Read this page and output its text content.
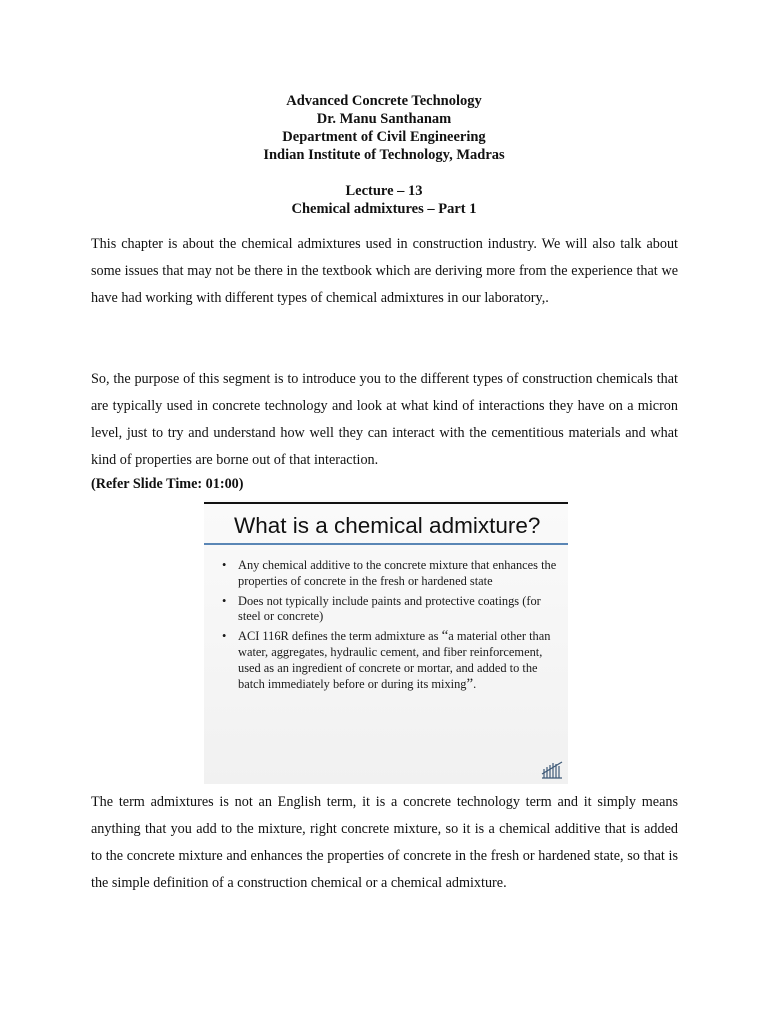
Advanced Concrete Technology
Dr. Manu Santhanam
Department of Civil Engineering
Indian Institute of Technology, Madras
Lecture – 13
Chemical admixtures – Part 1

This chapter is about the chemical admixtures used in construction industry. We will also talk about some issues that may not be there in the textbook which are deriving more from the experience that we have had working with different types of chemical admixtures in our laboratory,.

So, the purpose of this segment is to introduce you to the different types of construction chemicals that are typically used in concrete technology and look at what kind of interactions they have on a micron level, just to try and understand how well they can interact with the cementitious materials and what kind of properties are borne out of that interaction.

(Refer Slide Time: 01:00)
What is a chemical admixture?
• Any chemical additive to the concrete mixture that enhances the properties of concrete in the fresh or hardened state
• Does not typically include paints and protective coatings (for steel or concrete)
• ACI 116R defines the term admixture as “a material other than water, aggregates, hydraulic cement, and fiber reinforcement, used as an ingredient of concrete or mortar, and added to the batch immediately before or during its mixing”.

The term admixtures is not an English term, it is a concrete technology term and it simply means anything that you add to the mixture, right concrete mixture, so it is a chemical additive that is added to the concrete mixture and enhances the properties of concrete in the fresh or hardened state, so that is the simple definition of a construction chemical or a chemical admixture.
